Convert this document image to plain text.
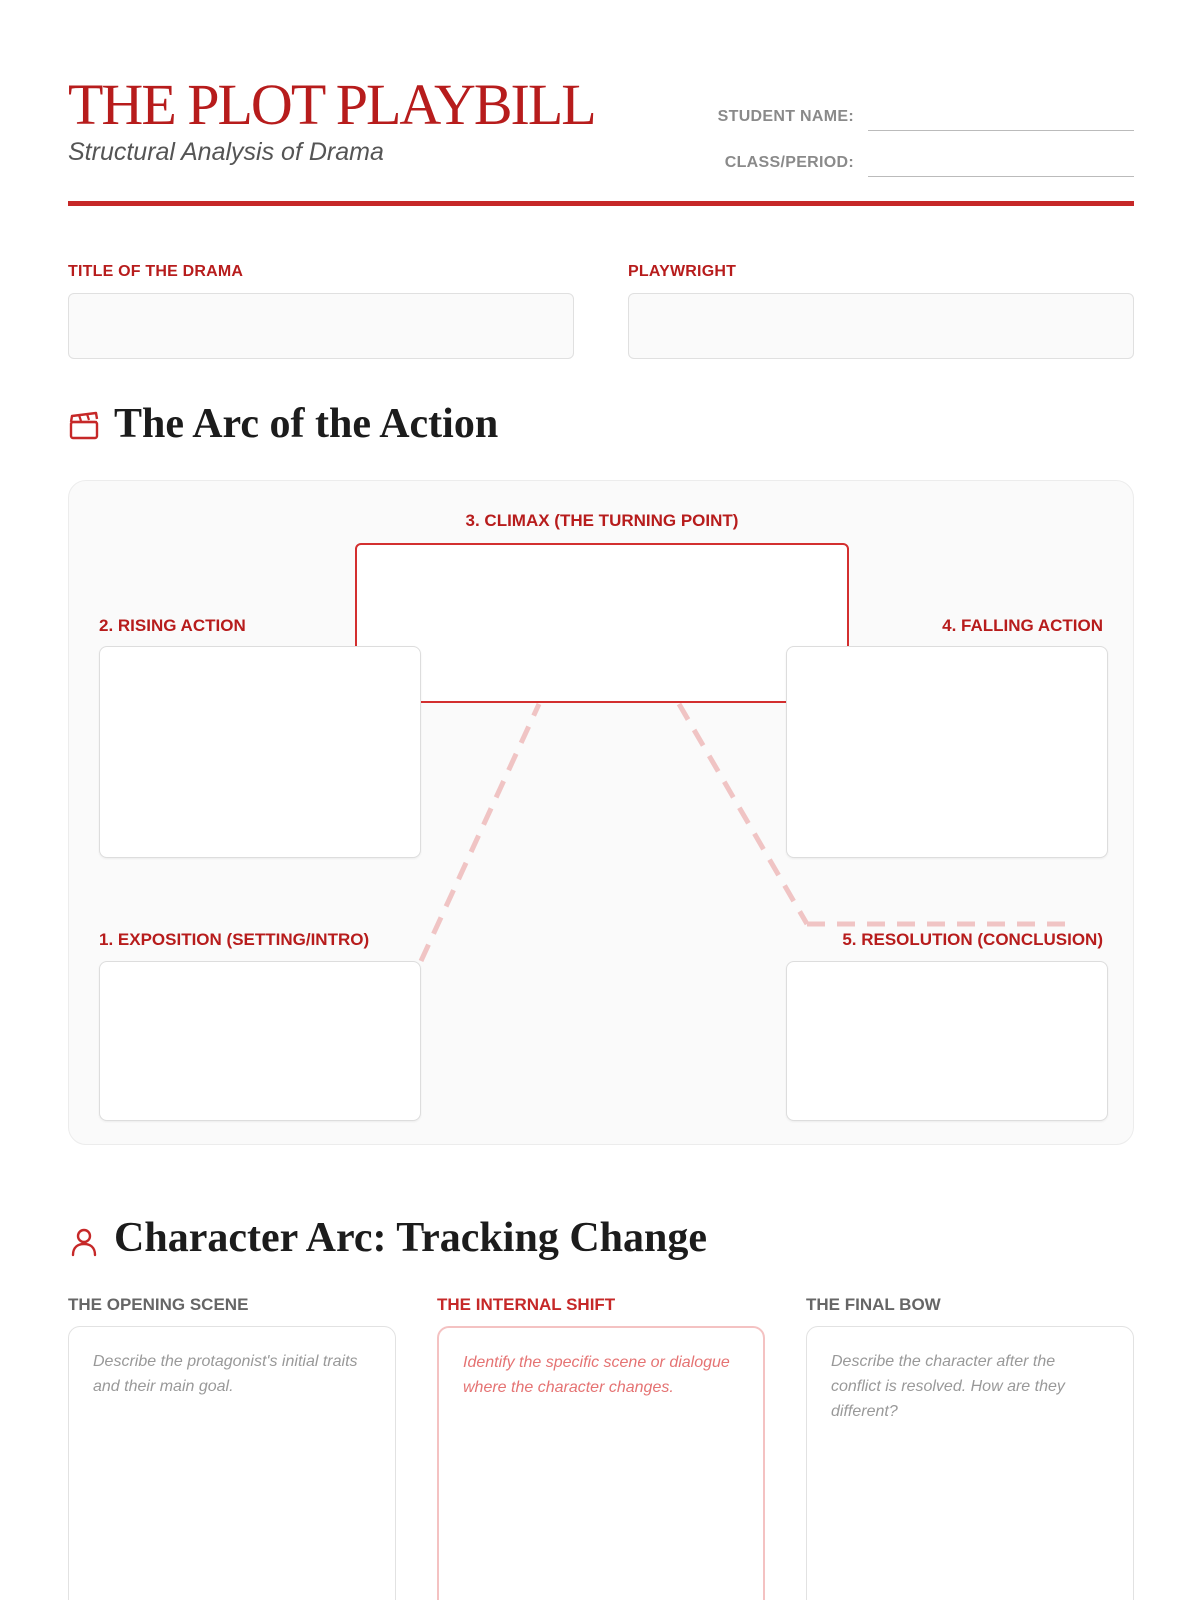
THE PLOT PLAYBILL
Structural Analysis of Drama
STUDENT NAME:
CLASS/PERIOD:
TITLE OF THE DRAMA	PLAYWRIGHT
The Arc of the Action
3. CLIMAX (THE TURNING POINT)
2. RISING ACTION	4. FALLING ACTION
1. EXPOSITION (SETTING/INTRO)	5. RESOLUTION (CONCLUSION)
Character Arc: Tracking Change
THE OPENING SCENE
Describe the protagonist's initial traits and their main goal.
THE INTERNAL SHIFT
Identify the specific scene or dialogue where the character changes.
THE FINAL BOW
Describe the character after the conflict is resolved. How are they different?
